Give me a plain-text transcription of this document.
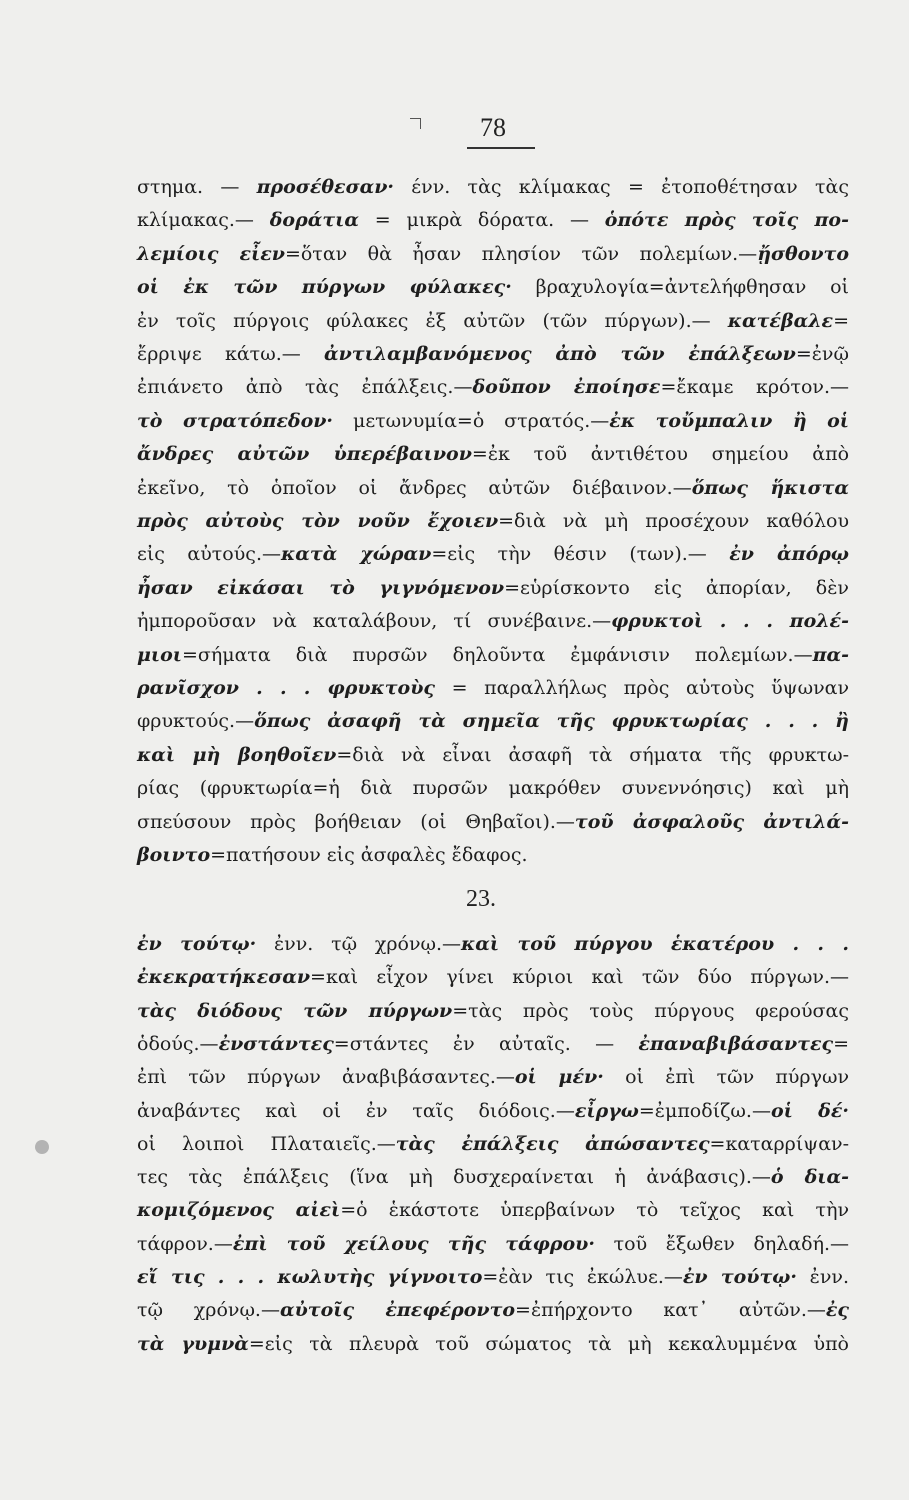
78
στημα. — προσέθεσαν· ένν. τὰς κλίμακας = ἐτοποθέτησαν τὰς
κλίμακας.— δοράτια = μικρὰ δόρατα. — ὁπότε πρὸς τοῖς πο-
λεμίοις εἶεν=ὅταν θὰ ἦσαν πλησίον τῶν πολεμίων.—ᾔσθοντο
οἱ ἐκ τῶν πύργων φύλακες· βραχυλογία=ἀντελήφθησαν οἱ
ἐν τοῖς πύργοις φύλακες ἐξ αὐτῶν (τῶν πύργων).— κατέβαλε=
ἔρριψε κάτω.— ἀντιλαμβανόμενος ἀπὸ τῶν ἐπάλξεων=ἐνῷ
ἐπιάνετο ἀπὸ τὰς ἐπάλξεις.—δοῦπον ἐποίησε=ἔκαμε κρότον.—
τὸ στρατόπεδον· μετωνυμία=ὁ στρατός.—ἐκ τοὔμπαλιν ἢ οἱ
ἄνδρες αὐτῶν ὑπερέβαινον=ἐκ τοῦ ἀντιθέτου σημείου ἀπὸ
ἐκεῖνο, τὸ ὁποῖον οἱ ἄνδρες αὐτῶν διέβαινον.—ὅπως ἥκιστα
πρὸς αὐτοὺς τὸν νοῦν ἔχοιεν=διὰ νὰ μὴ προσέχουν καθόλου
εἰς αὐτούς.—κατὰ χώραν=εἰς τὴν θέσιν (των).— ἐν ἀπόρῳ
ἦσαν εἰκάσαι τὸ γιγνόμενον=εὑρίσκοντο εἰς ἀπορίαν, δὲν
ἠμποροῦσαν νὰ καταλάβουν, τί συνέβαινε.—φρυκτοὶ . . . πολέ-
μιοι=σήματα διὰ πυρσῶν δηλοῦντα ἐμφάνισιν πολεμίων.—πα-
ρανῖσχον . . . φρυκτοὺς = παραλλήλως πρὸς αὐτοὺς ὕψωναν
φρυκτούς.—ὅπως ἀσαφῆ τὰ σημεῖα τῆς φρυκτωρίας . . . ἢ
καὶ μὴ βοηθοῖεν=διὰ νὰ εἶναι ἀσαφῆ τὰ σήματα τῆς φρυκτω-
ρίας (φρυκτωρία=ἡ διὰ πυρσῶν μακρόθεν συνεννόησις) καὶ μὴ
σπεύσουν πρὸς βοήθειαν (οἱ Θηβαῖοι).—τοῦ ἀσφαλοῦς ἀντιλά-
βοιντο=πατήσουν εἰς ἀσφαλὲς ἔδαφος.
23.
ἐν τούτῳ· ἐνν. τῷ χρόνῳ.—καὶ τοῦ πύργου ἑκατέρου . . .
ἐκεκρατήκεσαν=καὶ εἶχον γίνει κύριοι καὶ τῶν δύο πύργων.—
τὰς διόδους τῶν πύργων=τὰς πρὸς τοὺς πύργους φερούσας
ὁδούς.—ἐνστάντες=στάντες ἐν αὐταῖς. — ἐπαναβιβάσαντες=
ἐπὶ τῶν πύργων ἀναβιβάσαντες.—οἱ μέν· οἱ ἐπὶ τῶν πύργων
ἀναβάντες καὶ οἱ ἐν ταῖς διόδοις.—εἶργω=ἐμποδίζω.—οἱ δέ·
οἱ λοιποὶ Πλαταιεῖς.—τὰς ἐπάλξεις ἀπώσαντες=καταρρίψαν-
τες τὰς ἐπάλξεις (ἵνα μὴ δυσχεραίνεται ἡ ἀνάβασις).—ὁ δια-
κομιζόμενος αἰεὶ=ὁ ἑκάστοτε ὑπερβαίνων τὸ τεῖχος καὶ τὴν
τάφρον.—ἐπὶ τοῦ χείλους τῆς τάφρου· τοῦ ἔξωθεν δηλαδή.—
εἴ τις . . . κωλυτὴς γίγνοιτο=ἐὰν τις ἐκώλυε.—ἐν τούτῳ· ἐνν.
τῷ χρόνῳ.—αὐτοῖς ἐπεφέροντο=ἐπήρχοντο κατ᾽ αὐτῶν.—ἐς
τὰ γυμνὰ=εἰς τὰ πλευρὰ τοῦ σώματος τὰ μὴ κεκαλυμμένα ὑπὸ
